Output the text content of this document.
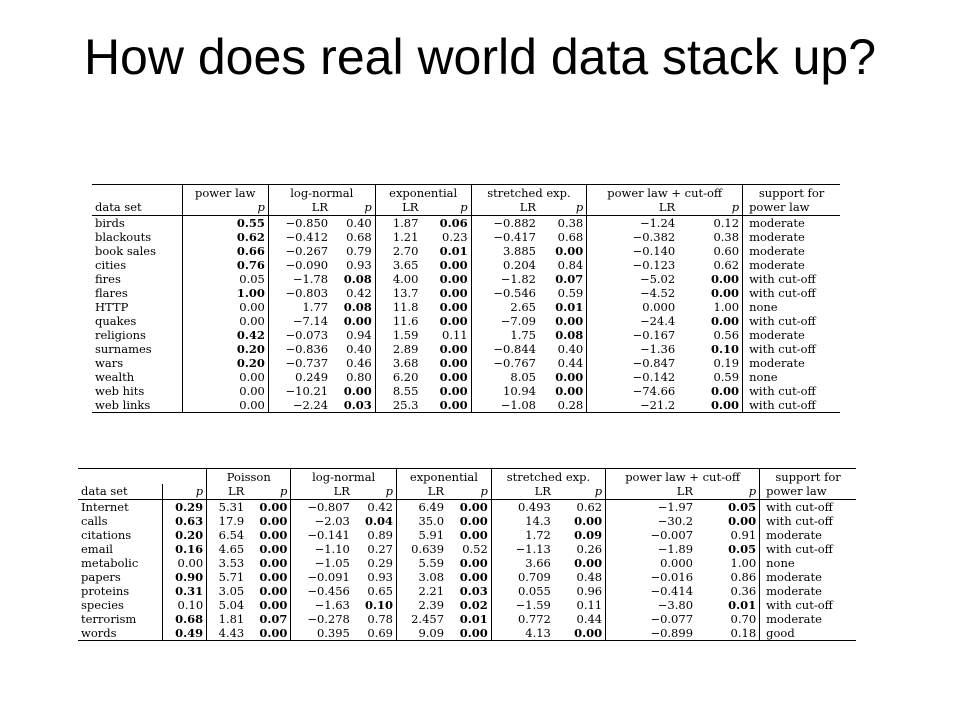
How does real world data stack up?
	power law	log-normal		exponential		stretched exp.		power law + cut-off		support for
data set	p	LR	p	LR	p	LR	p	LR	p	power law
birds	0.55	−0.850	0.40	1.87	0.06	−0.882	0.38	−1.24	0.12	moderate
blackouts	0.62	−0.412	0.68	1.21	0.23	−0.417	0.68	−0.382	0.38	moderate
book sales	0.66	−0.267	0.79	2.70	0.01	3.885	0.00	−0.140	0.60	moderate
cities	0.76	−0.090	0.93	3.65	0.00	0.204	0.84	−0.123	0.62	moderate
fires	0.05	−1.78	0.08	4.00	0.00	−1.82	0.07	−5.02	0.00	with cut-off
flares	1.00	−0.803	0.42	13.7	0.00	−0.546	0.59	−4.52	0.00	with cut-off
HTTP	0.00	1.77	0.08	11.8	0.00	2.65	0.01	0.000	1.00	none
quakes	0.00	−7.14	0.00	11.6	0.00	−7.09	0.00	−24.4	0.00	with cut-off
religions	0.42	−0.073	0.94	1.59	0.11	1.75	0.08	−0.167	0.56	moderate
surnames	0.20	−0.836	0.40	2.89	0.00	−0.844	0.40	−1.36	0.10	with cut-off
wars	0.20	−0.737	0.46	3.68	0.00	−0.767	0.44	−0.847	0.19	moderate
wealth	0.00	0.249	0.80	6.20	0.00	8.05	0.00	−0.142	0.59	none
web hits	0.00	−10.21	0.00	8.55	0.00	10.94	0.00	−74.66	0.00	with cut-off
web links	0.00	−2.24	0.03	25.3	0.00	−1.08	0.28	−21.2	0.00	with cut-off
		Poisson		log-normal		exponential		stretched exp.		power law + cut-off		support for
data set	p	LR	p	LR	p	LR	p	LR	p	LR	p	power law
Internet	0.29	5.31	0.00	−0.807	0.42	6.49	0.00	0.493	0.62	−1.97	0.05	with cut-off
calls	0.63	17.9	0.00	−2.03	0.04	35.0	0.00	14.3	0.00	−30.2	0.00	with cut-off
citations	0.20	6.54	0.00	−0.141	0.89	5.91	0.00	1.72	0.09	−0.007	0.91	moderate
email	0.16	4.65	0.00	−1.10	0.27	0.639	0.52	−1.13	0.26	−1.89	0.05	with cut-off
metabolic	0.00	3.53	0.00	−1.05	0.29	5.59	0.00	3.66	0.00	0.000	1.00	none
papers	0.90	5.71	0.00	−0.091	0.93	3.08	0.00	0.709	0.48	−0.016	0.86	moderate
proteins	0.31	3.05	0.00	−0.456	0.65	2.21	0.03	0.055	0.96	−0.414	0.36	moderate
species	0.10	5.04	0.00	−1.63	0.10	2.39	0.02	−1.59	0.11	−3.80	0.01	with cut-off
terrorism	0.68	1.81	0.07	−0.278	0.78	2.457	0.01	0.772	0.44	−0.077	0.70	moderate
words	0.49	4.43	0.00	0.395	0.69	9.09	0.00	4.13	0.00	−0.899	0.18	good
